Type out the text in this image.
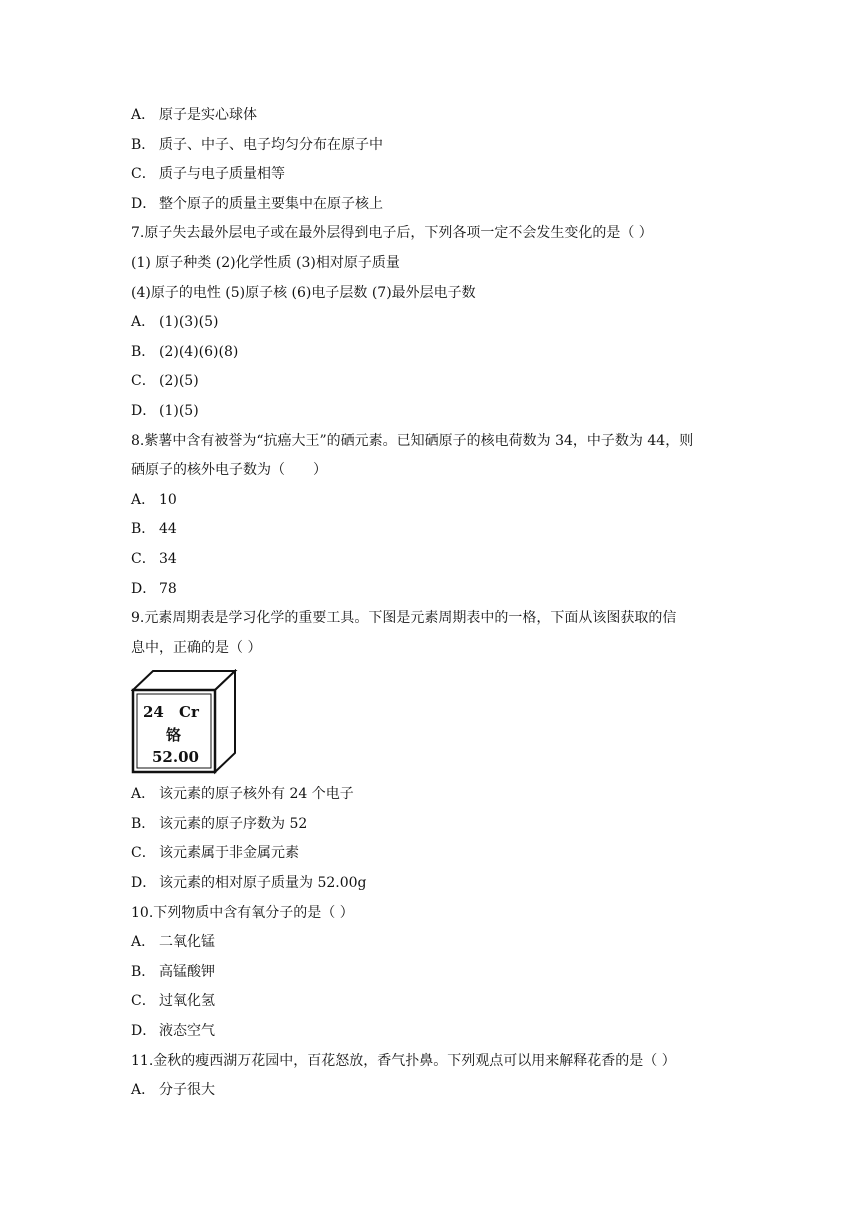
A． 原子是实心球体
B． 质子、中子、电子均匀分布在原子中
C． 质子与电子质量相等
D． 整个原子的质量主要集中在原子核上
7.原子失去最外层电子或在最外层得到电子后，下列各项一定不会发生变化的是（ ）
(1) 原子种类 (2)化学性质 (3)相对原子质量
(4)原子的电性 (5)原子核 (6)电子层数 (7)最外层电子数
A． (1)(3)(5)
B． (2)(4)(6)(8)
C． (2)(5)
D． (1)(5)
8.紫薯中含有被誉为“抗癌大王”的硒元素。已知硒原子的核电荷数为 34，中子数为 44，则
硒原子的核外电子数为（　　）
A． 10
B． 44
C． 34
D． 78
9.元素周期表是学习化学的重要工具。下图是元素周期表中的一格，下面从该图获取的信
息中，正确的是（ ）
24 Cr
铬
52.00
A． 该元素的原子核外有 24 个电子
B． 该元素的原子序数为 52
C． 该元素属于非金属元素
D． 该元素的相对原子质量为 52.00g
10.下列物质中含有氧分子的是（ ）
A． 二氧化锰
B． 高锰酸钾
C． 过氧化氢
D． 液态空气
11.金秋的瘦西湖万花园中，百花怒放，香气扑鼻。下列观点可以用来解释花香的是（ ）
A． 分子很大
